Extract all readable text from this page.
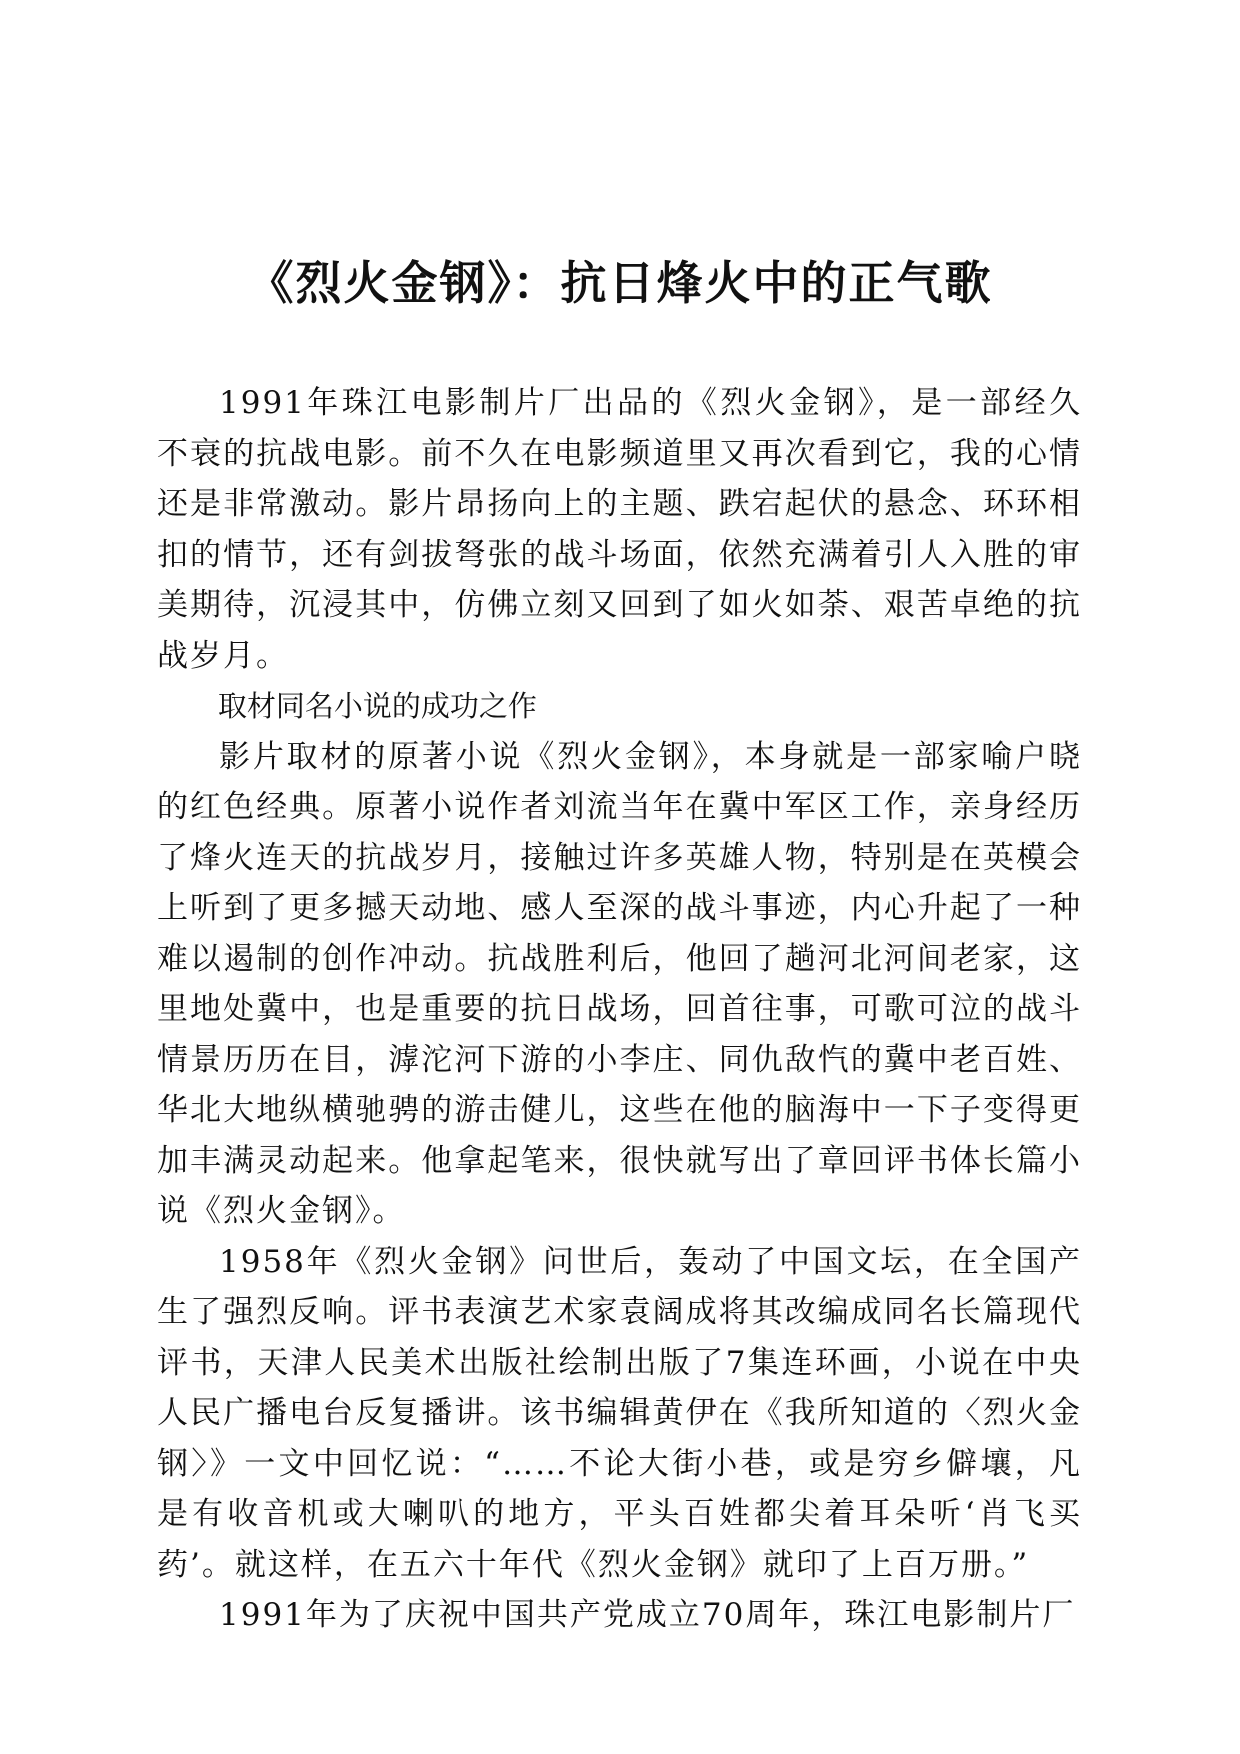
《烈火金钢》：抗日烽火中的正气歌

1991年珠江电影制片厂出品的《烈火金钢》，是一部经久不衰的抗战电影。前不久在电影频道里又再次看到它，我的心情还是非常激动。影片昂扬向上的主题、跌宕起伏的悬念、环环相扣的情节，还有剑拔弩张的战斗场面，依然充满着引人入胜的审美期待，沉浸其中，仿佛立刻又回到了如火如荼、艰苦卓绝的抗战岁月。

取材同名小说的成功之作

影片取材的原著小说《烈火金钢》，本身就是一部家喻户晓的红色经典。原著小说作者刘流当年在冀中军区工作，亲身经历了烽火连天的抗战岁月，接触过许多英雄人物，特别是在英模会上听到了更多撼天动地、感人至深的战斗事迹，内心升起了一种难以遏制的创作冲动。抗战胜利后，他回了趟河北河间老家，这里地处冀中，也是重要的抗日战场，回首往事，可歌可泣的战斗情景历历在目，滹沱河下游的小李庄、同仇敌忾的冀中老百姓、华北大地纵横驰骋的游击健儿，这些在他的脑海中一下子变得更加丰满灵动起来。他拿起笔来，很快就写出了章回评书体长篇小说《烈火金钢》。

1958年《烈火金钢》问世后，轰动了中国文坛，在全国产生了强烈反响。评书表演艺术家袁阔成将其改编成同名长篇现代评书，天津人民美术出版社绘制出版了7集连环画，小说在中央人民广播电台反复播讲。该书编辑黄伊在《我所知道的〈烈火金钢〉》一文中回忆说：“……不论大街小巷，或是穷乡僻壤，凡是有收音机或大喇叭的地方，平头百姓都尖着耳朵听‘肖飞买药’。就这样，在五六十年代《烈火金钢》就印了上百万册。”

1991年为了庆祝中国共产党成立70周年，珠江电影制片厂
